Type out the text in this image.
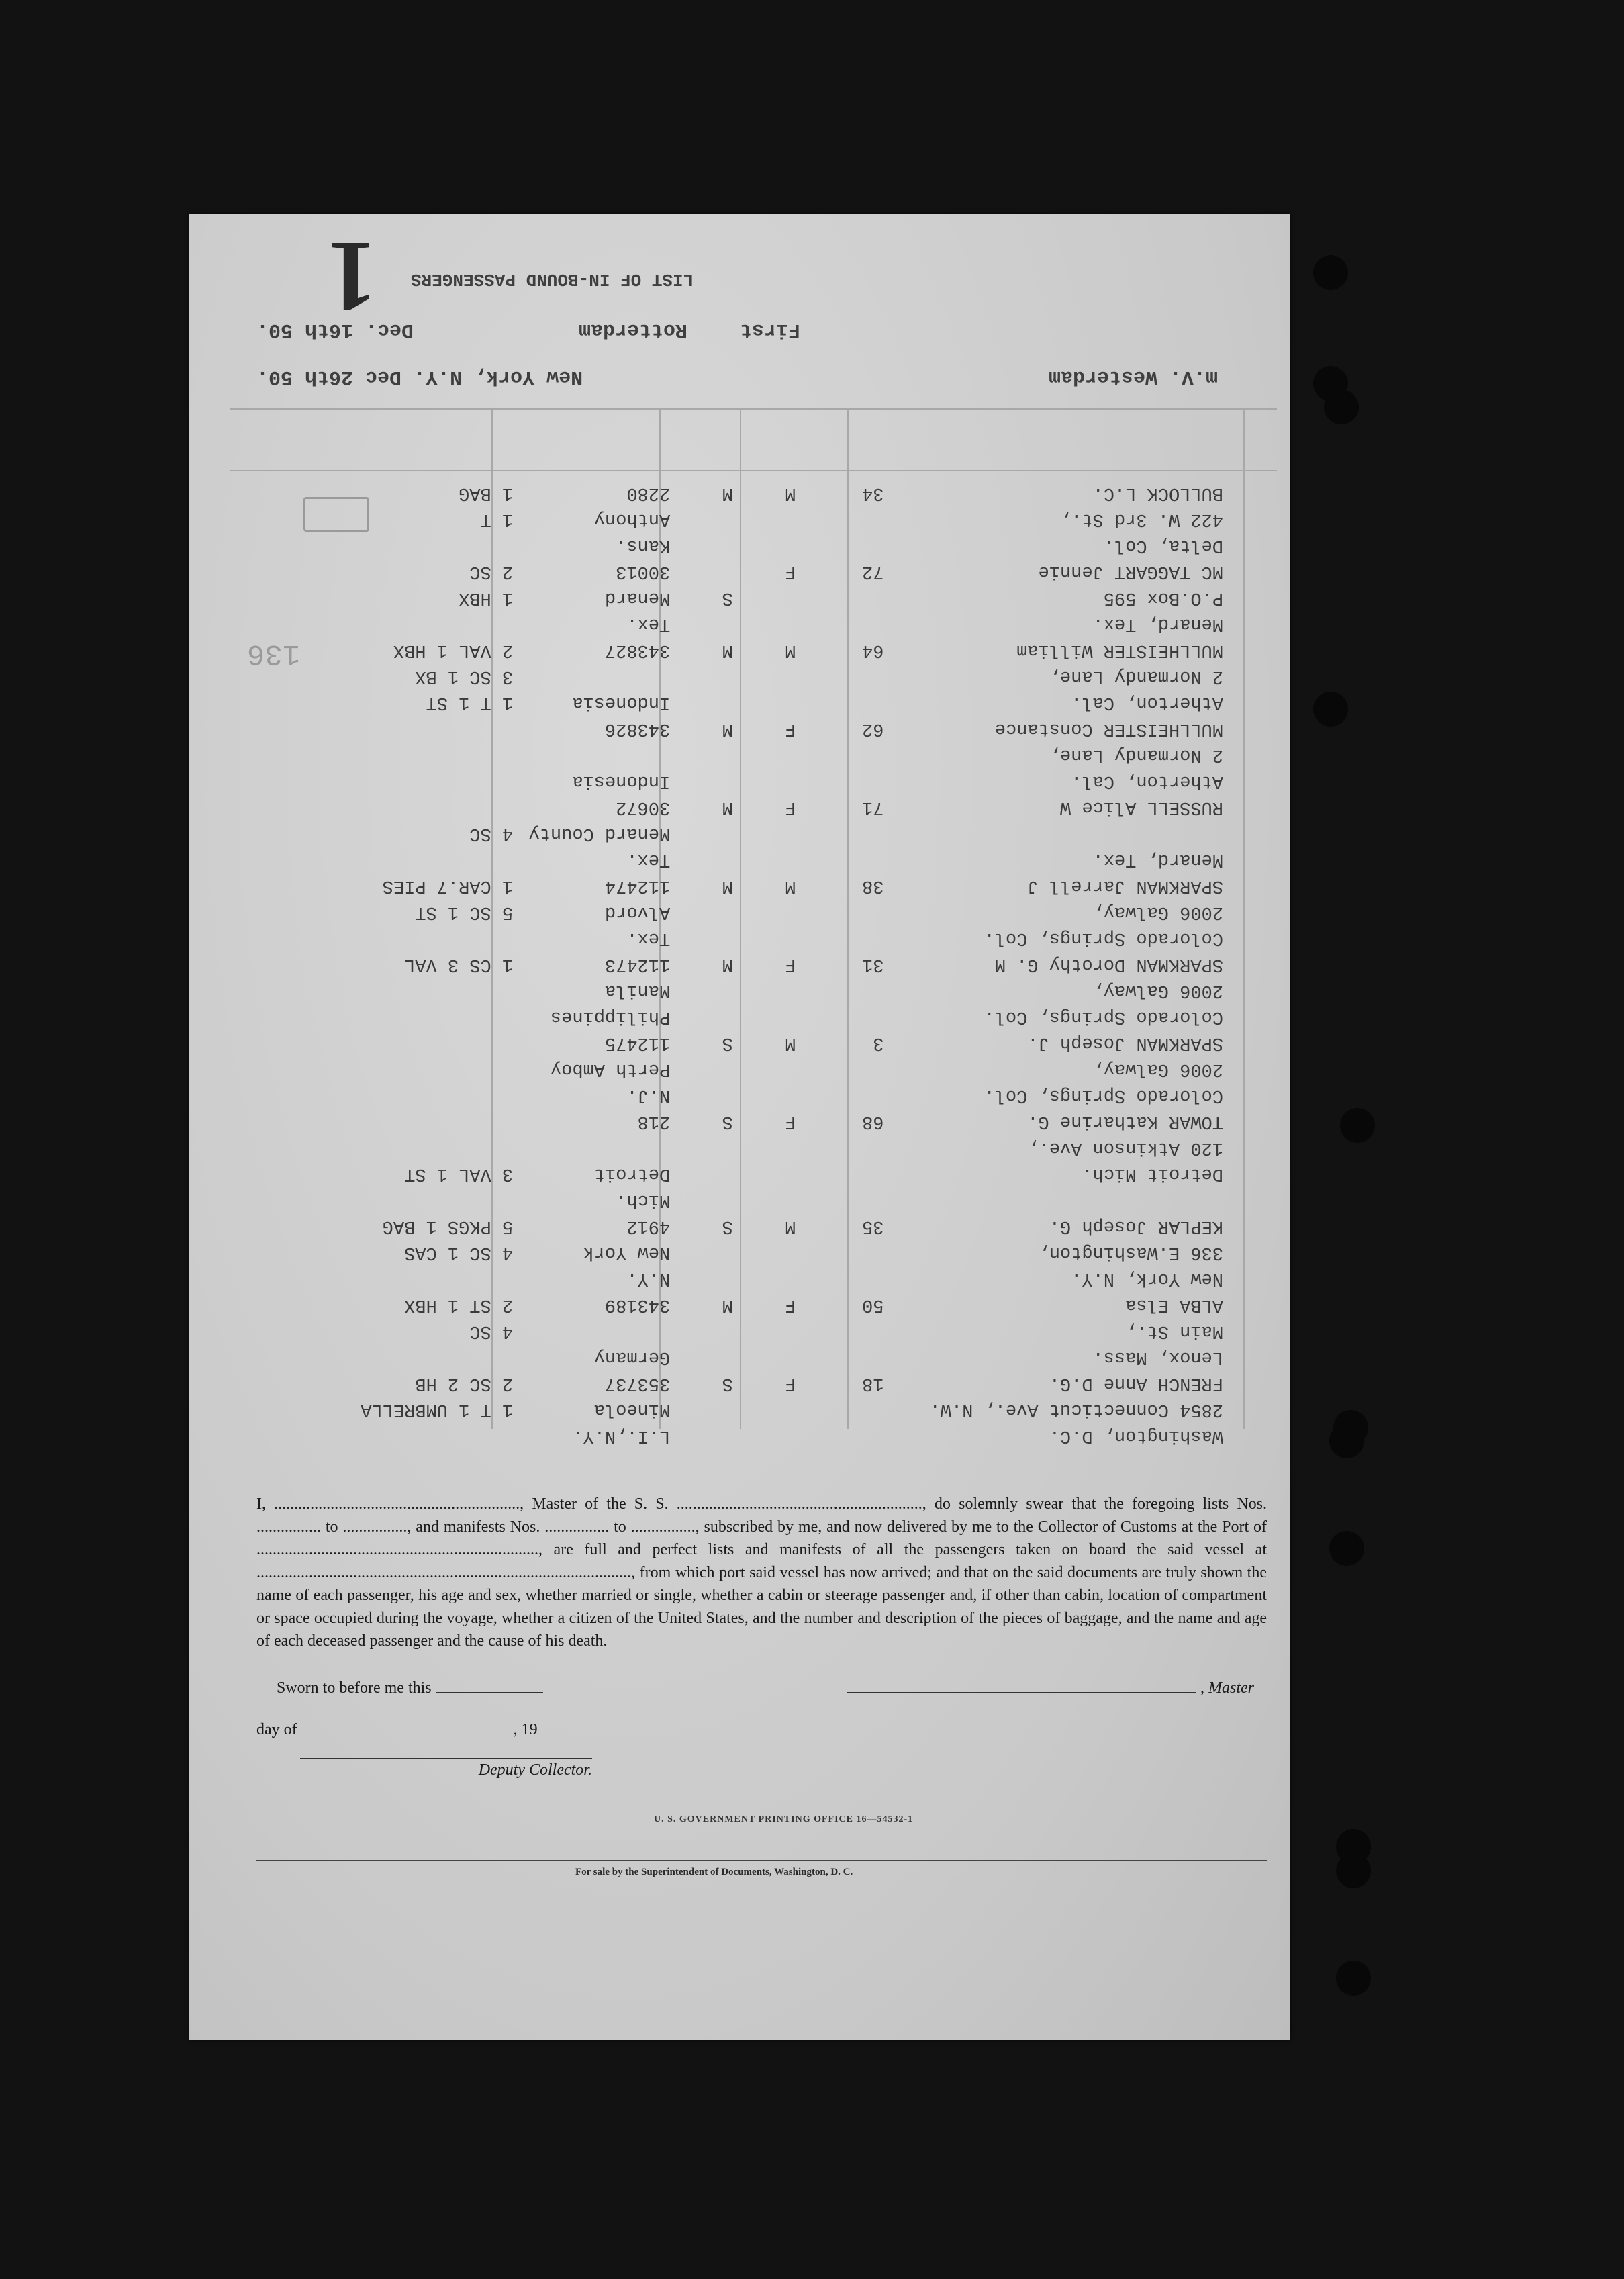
1 LIST OF IN-BOUND PASSENGERS
First
Rotterdam
Dec. 16th 50.
m.V. Westerdam
New York, N.Y. Dec 26th 50.
136
BULLOCK L.C.
34
M
M
2280
1 BAG
422 W. 3rd St.,
Anthony
1 T
Delta, Col.
Kans.
MC TAGGART Jennie
72
F
30013
2 SC
P.O.Box 595
S
Menard
1 HBX
Menard, Tex.
Tex.
MULLHEISTER William
64
M
M
343827
2 VAL 1 HBX
2 Normandy Lane,
3 SC 1 BX
Atherton, Cal.
Indonesia
1 T 1 ST
MULLHEISTER Constance
62
F
M
343826
2 Normandy Lane,
Atherton, Cal.
Indonesia
RUSSELL Alice W
71
F
M
30672
Menard County
4 SC
Menard, Tex.
Tex.
SPARKMAN Jarrell J
38
M
M
112474
1 CAR.7 PIES
2006 Galway,
Alvord
5 SC 1 ST
Colorado Springs, Col.
Tex.
SPARKMAN Dorothy G. M
31
F
M
112473
1 CS 3 VAL
2006 Galway,
Manila
Colorado Springs, Col.
Philippines
SPARKMAN Joseph J.
3
M
S
112475
2006 Galway,
Perth Amboy
Colorado Springs, Col.
N.J.
TOWAR Katharine G.
68
F
S
218
120 Atkinson Ave.,
Detroit Mich.
Detroit
3 VAL 1 ST
Mich.
KEPLAR Joseph G.
35
M
S
4912
5 PKGS 1 BAG
336 E.Washington,
New York
4 SC 1 CAS
New York, N.Y.
N.Y.
ALBA Elsa
50
F
M
343189
2 ST 1 HBX
Main St.,
4 SC
Lenox, Mass.
Germany
FRENCH Anne D.G.
18
F
S
353737
2 SC 2 HB
2854 Connecticut Ave., N.W.
Mineola
1 T 1 UMBRELLA
Washington, D.C.
L.I.,N.Y.
I, ............................................................., Master of the S. S. ............................................................., do solemnly swear that the foregoing lists Nos. ................ to ................, and manifests Nos. ................ to ................, subscribed by me, and now delivered by me to the Collector of Customs at the Port of ......................................................................, are full and perfect lists and manifests of all the passengers taken on board the said vessel at ............................................................................................., from which port said vessel has now arrived; and that on the said documents are truly shown the name of each passenger, his age and sex, whether married or single, whether a cabin or steerage passenger and, if other than cabin, location of compartment or space occupied during the voyage, whether a citizen of the United States, and the number and description of the pieces of baggage, and the name and age of each deceased passenger and the cause of his death.
Sworn to before me this	, Master
day of	, 19
Deputy Collector.
U. S. GOVERNMENT PRINTING OFFICE 16—54532-1
For sale by the Superintendent of Documents, Washington, D. C.
